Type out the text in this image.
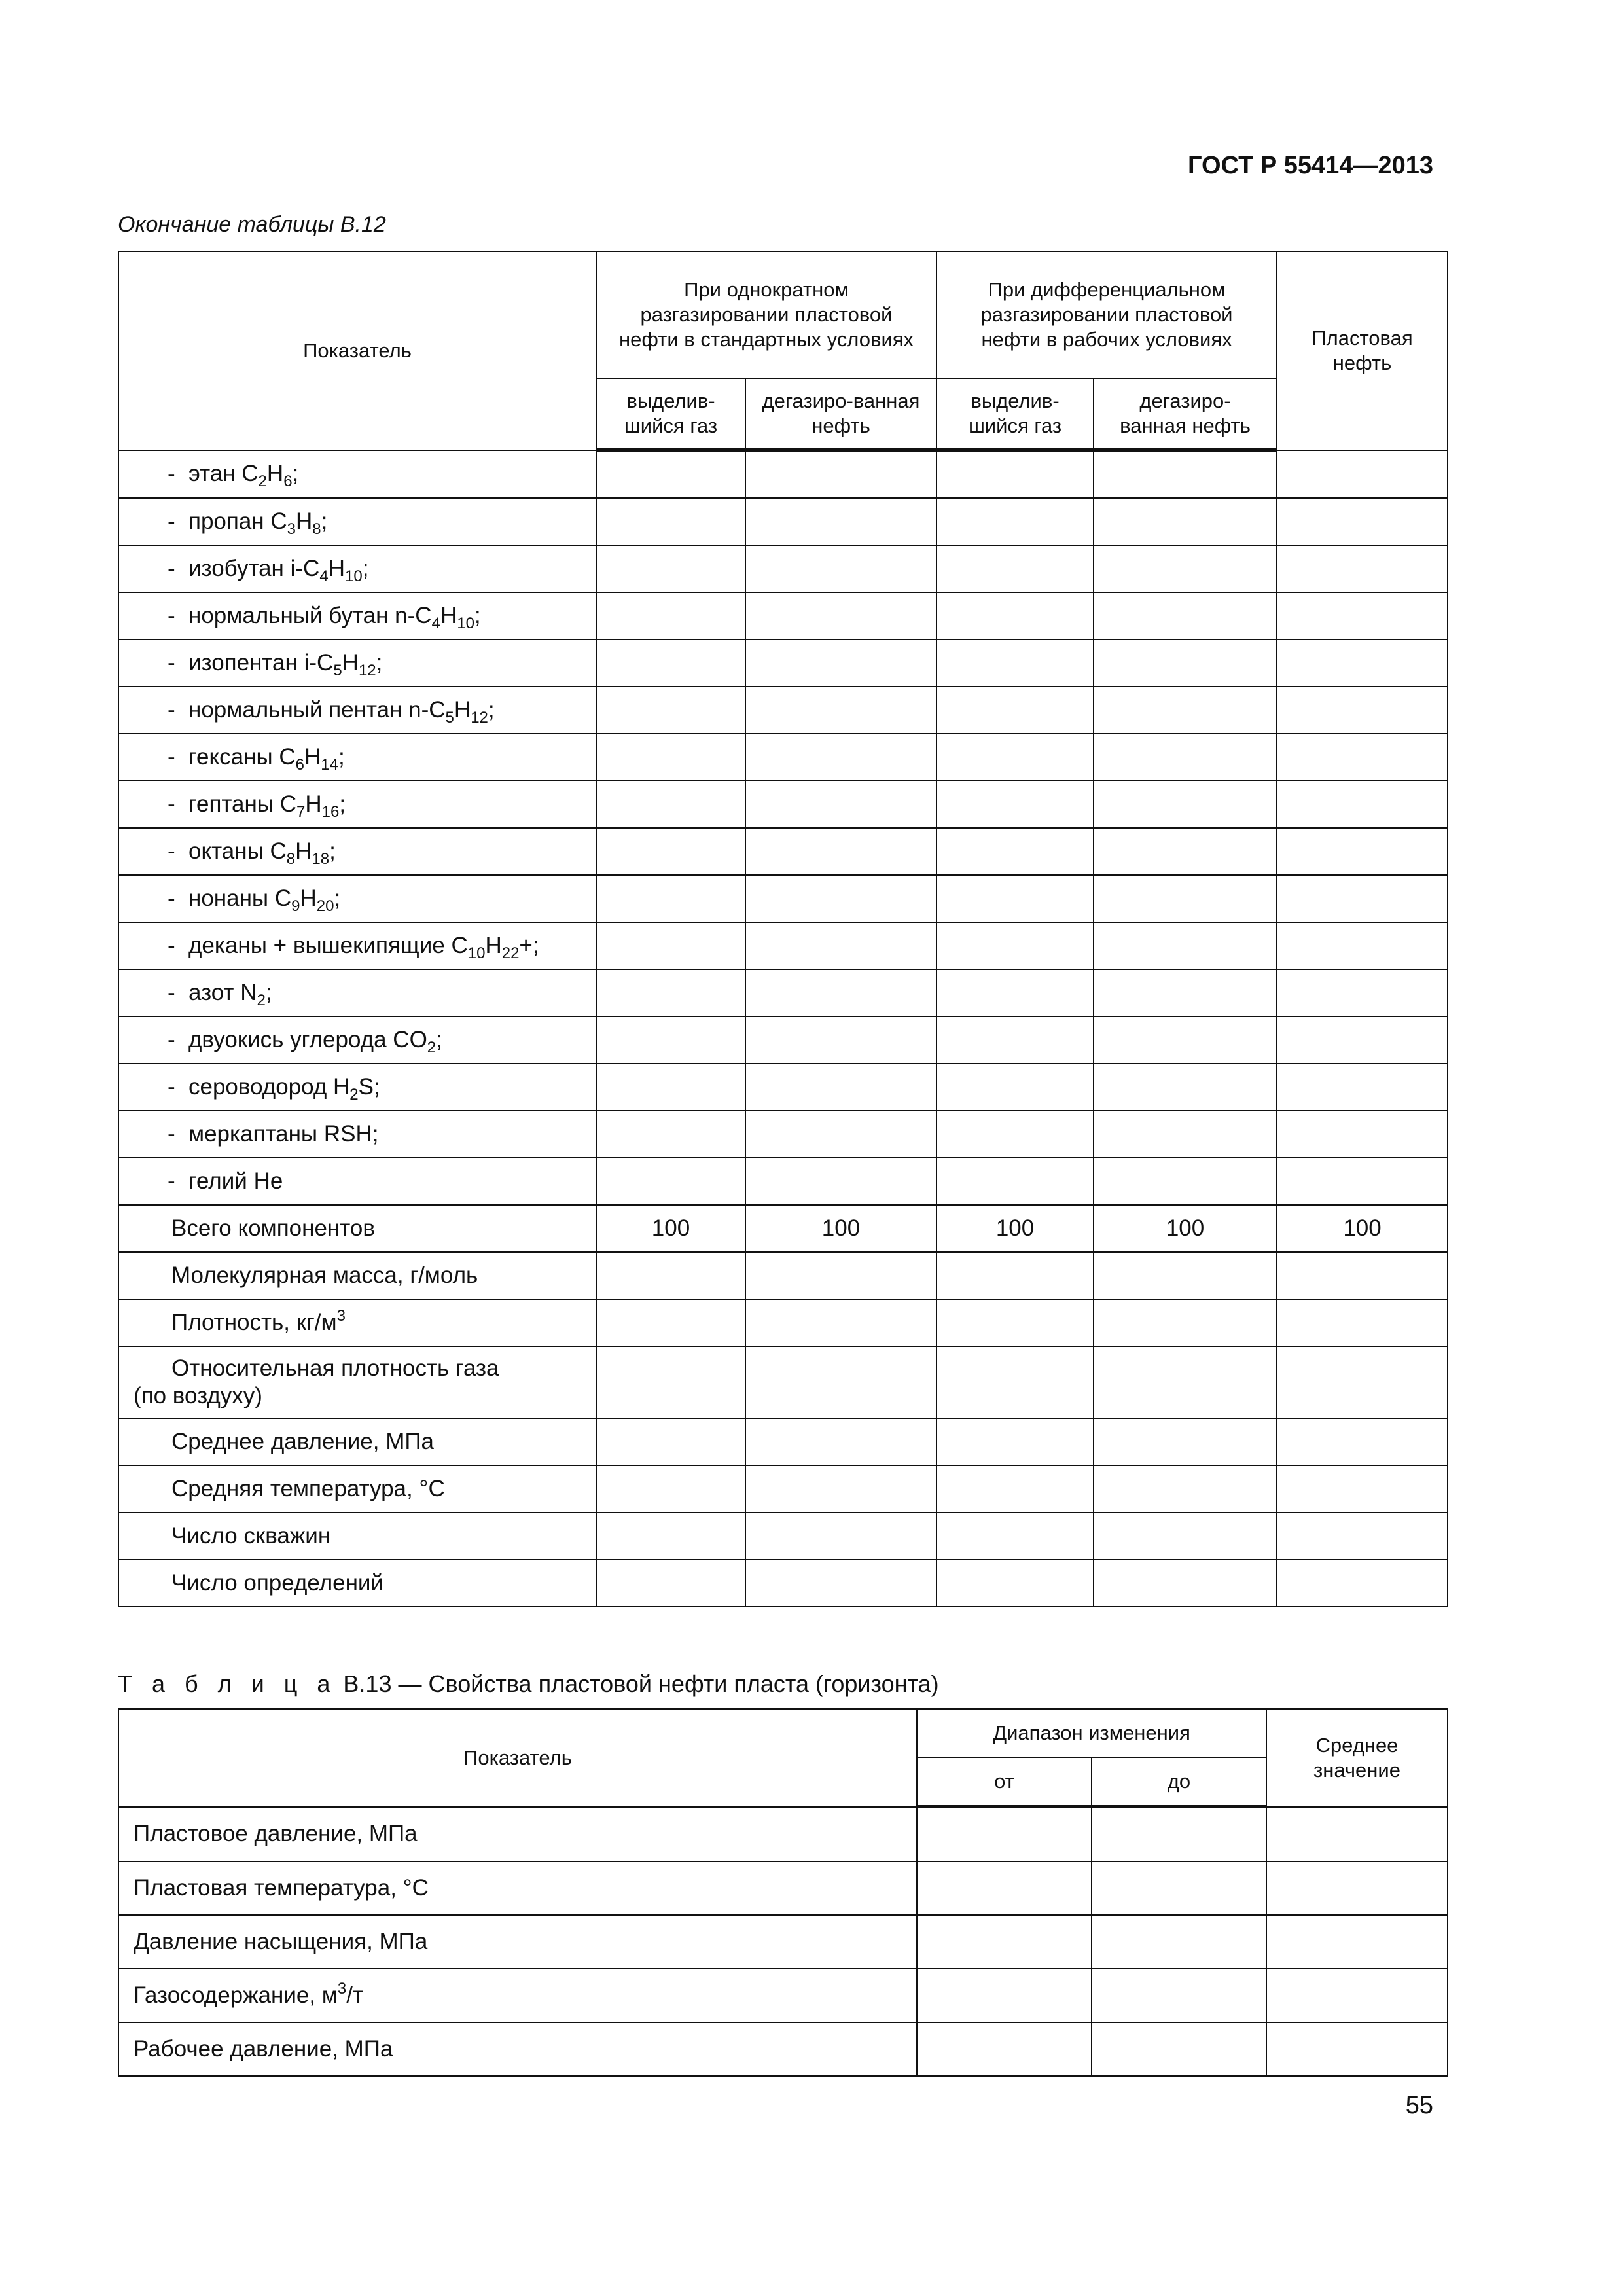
ГОСТ Р 55414—2013
Окончание таблицы В.12
Показатель	При однократном разгазировании пластовой нефти в стандартных условиях		При дифференциальном разгазировании пластовой нефти в рабочих условиях		Пластовая нефть
	выделив-шийся газ	дегазиро-ванная нефть	выделив-шийся газ	дегазиро-ванная нефть	
- этан $C_2H_6$;					
- пропан $C_3H_8$;					
- изобутан $i-C_4H_{10}$;					
- нормальный бутан $n-C_4H_{10}$;					
- изопентан $i-C_5H_{12}$;					
- нормальный пентан $n-C_5H_{12}$;					
- гексаны $C_6H_{14}$;					
- гептаны $C_7H_{16}$;					
- октаны $C_8H_{18}$;					
- нонаны $C_9H_{20}$;					
- деканы + вышекипящие $C_{10}H_{22}+$;					
- азот $N_2$;					
- двуокись углерода $CO_2$;					
- сероводород $H_2S$;					
- меркаптаны RSH;					
- гелий He					
Всего компонентов	100	100	100	100	100
Молекулярная масса, г/моль					
Плотность, $кг/м^3$					

Относительная плотность газа
(по воздуху)					

Среднее давление, МПа					
Средняя температура, °C					
Число скважин					
Число определений					
Т а б л и ц а В.13 — Свойства пластовой нефти пласта (горизонта)
Показатель	Диапазон изменения		Среднее значение
	от	до	
Пластовое давление, МПа			
Пластовая температура, °C			
Давление насыщения, МПа			
Газосодержание, $м^3/т$			
Рабочее давление, МПа			
55
